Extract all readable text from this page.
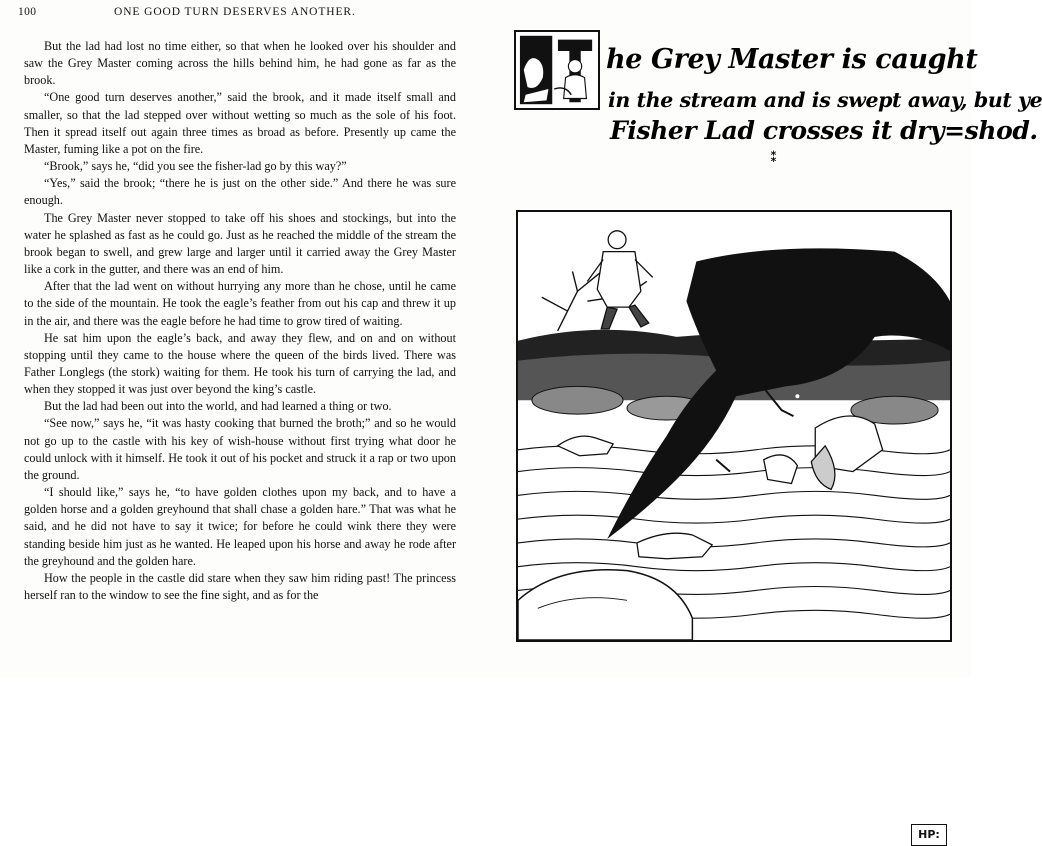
100	ONE GOOD TURN DESERVES ANOTHER.

But the lad had lost no time either, so that when he looked over his shoulder and saw the Grey Master coming across the hills behind him, he had gone as far as the brook.

“One good turn deserves another,” said the brook, and it made itself small and smaller, so that the lad stepped over without wetting so much as the sole of his foot. Then it spread itself out again three times as broad as before. Presently up came the Master, fuming like a pot on the fire.

“Brook,” says he, “did you see the fisher-lad go by this way?”

“Yes,” said the brook; “there he is just on the other side.” And there he was sure enough.

The Grey Master never stopped to take off his shoes and stockings, but into the water he splashed as fast as he could go. Just as he reached the middle of the stream the brook began to swell, and grew large and larger until it carried away the Grey Master like a cork in the gutter, and there was an end of him.

After that the lad went on without hurrying any more than he chose, until he came to the side of the mountain. He took the eagle’s feather from out his cap and threw it up in the air, and there was the eagle before he had time to grow tired of waiting.

He sat him upon the eagle’s back, and away they flew, and on and on without stopping until they came to the house where the queen of the birds lived. There was Father Longlegs (the stork) waiting for them. He took his turn of carrying the lad, and when they stopped it was just over beyond the king’s castle.

But the lad had been out into the world, and had learned a thing or two.

“See now,” says he, “it was hasty cooking that burned the broth;” and so he would not go up to the castle with his key of wish-house without first trying what door he could unlock with it himself. He took it out of his pocket and struck it a rap or two upon the ground.

“I should like,” says he, “to have golden clothes upon my back, and to have a golden horse and a golden greyhound that shall chase a golden hare.” That was what he said, and he did not have to say it twice; for before he could wink there they were standing beside him just as he wanted. He leaped upon his horse and away he rode after the greyhound and the golden hare.

How the people in the castle did stare when they saw him riding past! The princess herself ran to the window to see the fine sight, and as for the

he Grey Master is caught
in the stream and is swept away, but ye
Fisher Lad crosses it dry=shod.
⁑
HP:
